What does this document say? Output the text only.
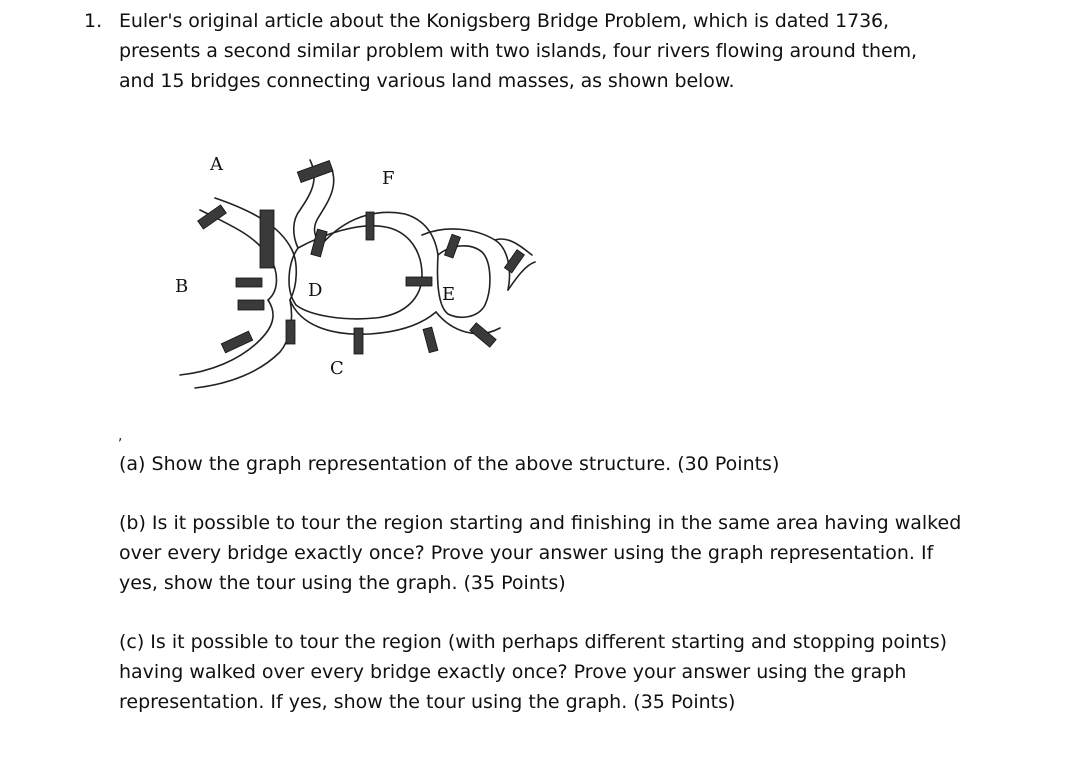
1. Euler's original article about the Konigsberg Bridge Problem, which is dated 1736,
presents a second similar problem with two islands, four rivers flowing around them,
and 15 bridges connecting various land masses, as shown below.
A
F
B	D	E
C
,
(a) Show the graph representation of the above structure. (30 Points)
(b) Is it possible to tour the region starting and finishing in the same area having walked
over every bridge exactly once? Prove your answer using the graph representation. If
yes, show the tour using the graph. (35 Points)
(c) Is it possible to tour the region (with perhaps different starting and stopping points)
having walked over every bridge exactly once? Prove your answer using the graph
representation. If yes, show the tour using the graph. (35 Points)
